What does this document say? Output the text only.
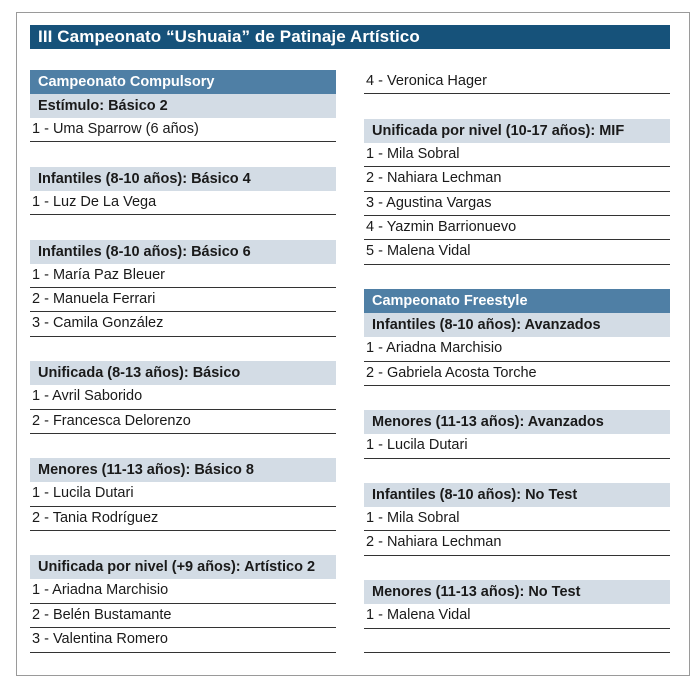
III Campeonato “Ushuaia” de Patinaje Artístico
Campeonato Compulsory
Estímulo: Básico 2
1 - Uma Sparrow (6 años)
Infantiles (8-10 años): Básico 4
1 - Luz De La Vega
Infantiles (8-10 años): Básico 6
1 - María Paz Bleuer
2 - Manuela Ferrari
3 - Camila González
Unificada (8-13 años): Básico
1 - Avril Saborido
2 - Francesca Delorenzo
Menores (11-13 años): Básico 8
1 - Lucila Dutari
2 - Tania Rodríguez
Unificada por nivel (+9 años): Artístico 2
1 - Ariadna Marchisio
2 - Belén Bustamante
3 - Valentina Romero
4 - Veronica Hager
Unificada por nivel (10-17 años): MIF
1 - Mila Sobral
2 - Nahiara Lechman
3 - Agustina Vargas
4 - Yazmin Barrionuevo
5 - Malena Vidal
Campeonato Freestyle
Infantiles (8-10 años): Avanzados
1 - Ariadna Marchisio
2 - Gabriela Acosta Torche
Menores (11-13 años): Avanzados
1 - Lucila Dutari
Infantiles (8-10 años): No Test
1 - Mila Sobral
2 - Nahiara Lechman
Menores (11-13 años): No Test
1 - Malena Vidal
